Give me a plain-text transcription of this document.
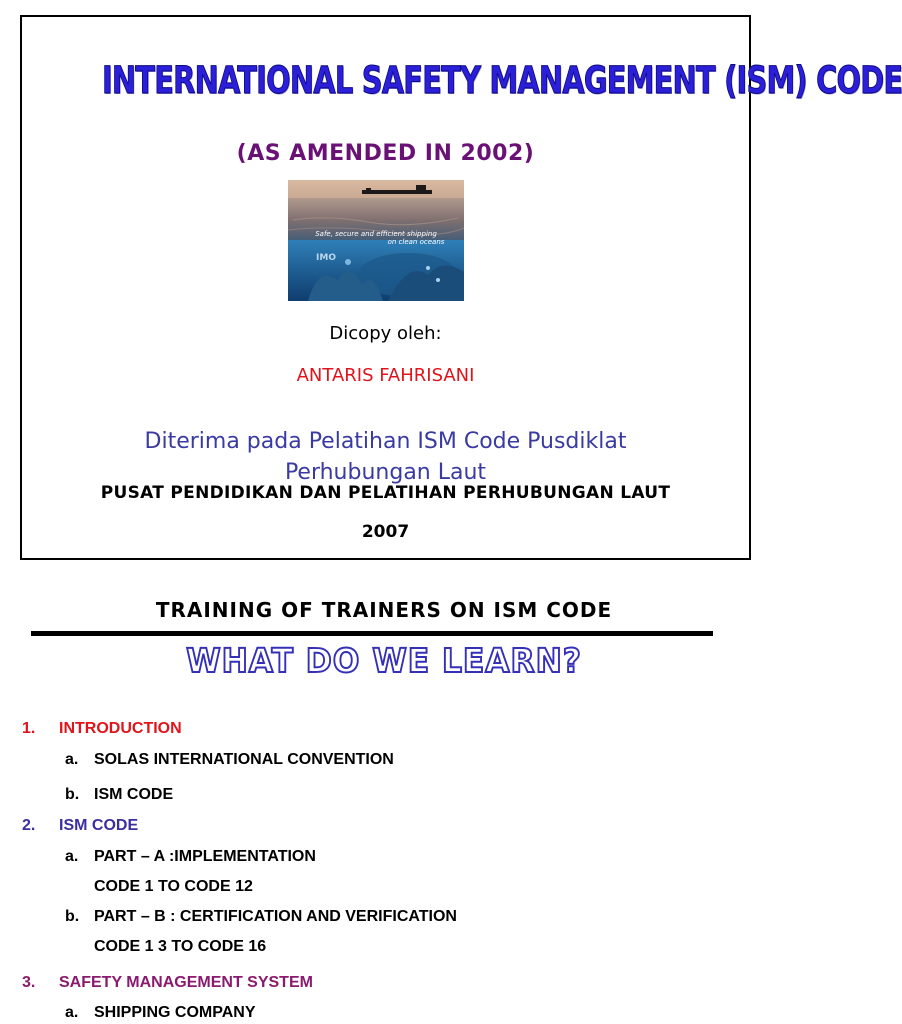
INTERNATIONAL SAFETY MANAGEMENT (ISM) CODE
(AS AMENDED IN 2002)
Safe, secure and efficient shipping
on clean oceans
IMO
Dicopy oleh:
ANTARIS FAHRISANI
Diterima pada Pelatihan ISM Code Pusdiklat Perhubungan Laut
PUSAT PENDIDIKAN DAN PELATIHAN PERHUBUNGAN LAUT
2007
TRAINING OF TRAINERS ON ISM CODE
WHAT DO WE LEARN?
1. INTRODUCTION
a. SOLAS INTERNATIONAL CONVENTION
b. ISM CODE
2. ISM CODE
a. PART – A :IMPLEMENTATION
CODE 1 TO CODE 12
b. PART – B : CERTIFICATION AND VERIFICATION
CODE 1 3 TO CODE 16
3. SAFETY MANAGEMENT SYSTEM
a. SHIPPING COMPANY
